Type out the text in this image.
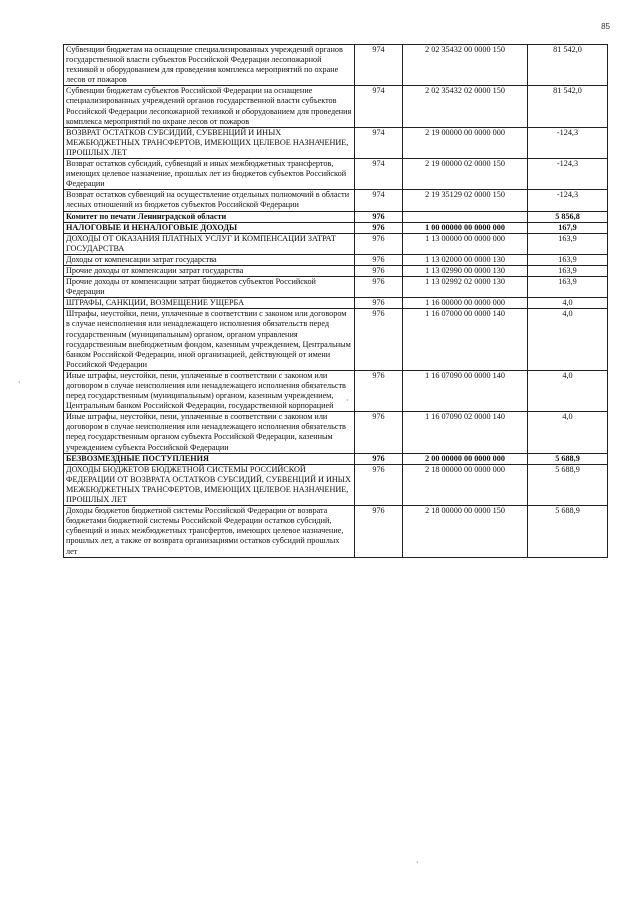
85
Субвенции бюджетам на оснащение специализированных учреждений органов государственной власти субъектов Российской Федерации лесопожарной техникой и оборудованием для проведения комплекса мероприятий по охране лесов от пожаров	974	2 02 35432 00 0000 150	81 542,0
Субвенции бюджетам субъектов Российской Федерации на оснащение специализированных учреждений органов государственной власти субъектов Российской Федерации лесопожарной техникой и оборудованием для проведения комплекса мероприятий по охране лесов от пожаров	974	2 02 35432 02 0000 150	81 542,0
ВОЗВРАТ ОСТАТКОВ СУБСИДИЙ, СУБВЕНЦИЙ И ИНЫХ МЕЖБЮДЖЕТНЫХ ТРАНСФЕРТОВ, ИМЕЮЩИХ ЦЕЛЕВОЕ НАЗНАЧЕНИЕ, ПРОШЛЫХ ЛЕТ	974	2 19 00000 00 0000 000	-124,3
Возврат остатков субсидий, субвенций и иных межбюджетных трансфертов, имеющих целевое назначение, прошлых лет из бюджетов субъектов Российской Федерации	974	2 19 00000 02 0000 150	-124,3
Возврат остатков субвенций на осуществление отдельных полномочий в области лесных отношений из бюджетов субъектов Российской Федерации	974	2 19 35129 02 0000 150	-124,3
Комитет по печати Ленинградской области	976		5 856,8
НАЛОГОВЫЕ И НЕНАЛОГОВЫЕ ДОХОДЫ	976	1 00 00000 00 0000 000	167,9
ДОХОДЫ ОТ ОКАЗАНИЯ ПЛАТНЫХ УСЛУГ И КОМПЕНСАЦИИ ЗАТРАТ ГОСУДАРСТВА	976	1 13 00000 00 0000 000	163,9
Доходы от компенсации затрат государства	976	1 13 02000 00 0000 130	163,9
Прочие доходы от компенсации затрат государства	976	1 13 02990 00 0000 130	163,9
Прочие доходы от компенсации затрат бюджетов субъектов Российской Федерации	976	1 13 02992 02 0000 130	163,9
ШТРАФЫ, САНКЦИИ, ВОЗМЕЩЕНИЕ УЩЕРБА	976	1 16 00000 00 0000 000	4,0
Штрафы, неустойки, пени, уплаченные в соответствии с законом или договором в случае неисполнения или ненадлежащего исполнения обязательств перед государственным (муниципальным) органом, органом управления государственным внебюджетным фондом, казенным учреждением, Центральным банком Российской Федерации, иной организацией, действующей от имени Российской Федерации	976	1 16 07000 00 0000 140	4,0
Иные штрафы, неустойки, пени, уплаченные в соответствии с законом или договором в случае неисполнения или ненадлежащего исполнения обязательств перед государственным (муниципальным) органом, казенным учреждением, Центральным банком Российской Федерации, государственной корпорацией	976	1 16 07090 00 0000 140	4,0
Иные штрафы, неустойки, пени, уплаченные в соответствии с законом или договором в случае неисполнения или ненадлежащего исполнения обязательств перед государственным органом субъекта Российской Федерации, казенным учреждением субъекта Российской Федерации	976	1 16 07090 02 0000 140	4,0
БЕЗВОЗМЕЗДНЫЕ ПОСТУПЛЕНИЯ	976	2 00 00000 00 0000 000	5 688,9
ДОХОДЫ БЮДЖЕТОВ БЮДЖЕТНОЙ СИСТЕМЫ РОССИЙСКОЙ ФЕДЕРАЦИИ ОТ ВОЗВРАТА ОСТАТКОВ СУБСИДИЙ, СУБВЕНЦИЙ И ИНЫХ МЕЖБЮДЖЕТНЫХ ТРАНСФЕРТОВ, ИМЕЮЩИХ ЦЕЛЕВОЕ НАЗНАЧЕНИЕ, ПРОШЛЫХ ЛЕТ	976	2 18 00000 00 0000 000	5 688,9
Доходы бюджетов бюджетной системы Российской Федерации от возврата бюджетами бюджетной системы Российской Федерации остатков субсидий, субвенций и иных межбюджетных трансфертов, имеющих целевое назначение, прошлых лет, а также от возврата организациями остатков субсидий прошлых лет	976	2 18 00000 00 0000 150	5 688,9
·
·
·
